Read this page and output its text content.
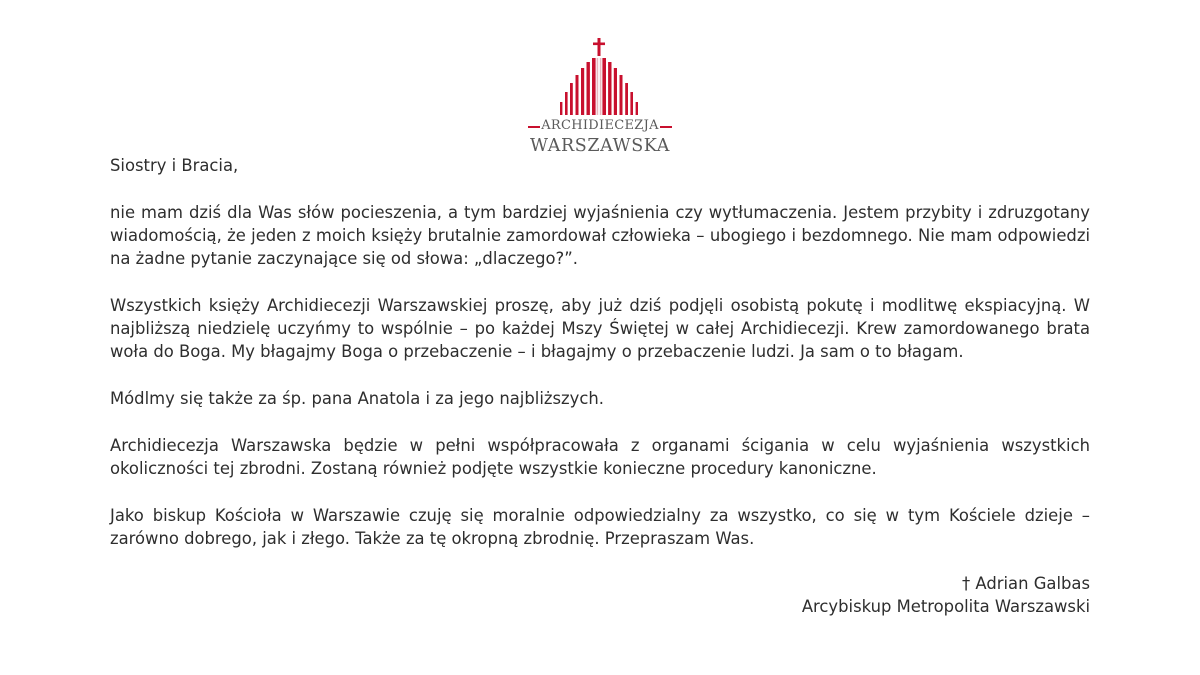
ARCHIDIECEZJA
WARSZAWSKA

Siostry i Bracia,

nie mam dziś dla Was słów pocieszenia, a tym bardziej wyjaśnienia czy wytłumaczenia. Jestem przybity i zdruzgotany wiadomością, że jeden z moich księży brutalnie zamordował człowieka – ubogiego i bezdomnego. Nie mam odpowiedzi na żadne pytanie zaczynające się od słowa: „dlaczego?”.

Wszystkich księży Archidiecezji Warszawskiej proszę, aby już dziś podjęli osobistą pokutę i modlitwę ekspiacyjną. W najbliższą niedzielę uczyńmy to wspólnie – po każdej Mszy Świętej w całej Archidiecezji. Krew zamordowanego brata woła do Boga. My błagajmy Boga o przebaczenie – i błagajmy o przebaczenie ludzi. Ja sam o to błagam.

Módlmy się także za śp. pana Anatola i za jego najbliższych.

Archidiecezja Warszawska będzie w pełni współpracowała z organami ścigania w celu wyjaśnienia wszystkich okoliczności tej zbrodni. Zostaną również podjęte wszystkie konieczne procedury kanoniczne.

Jako biskup Kościoła w Warszawie czuję się moralnie odpowiedzialny za wszystko, co się w tym Kościele dzieje – zarówno dobrego, jak i złego. Także za tę okropną zbrodnię. Przepraszam Was.

† Adrian Galbas
Arcybiskup Metropolita Warszawski
